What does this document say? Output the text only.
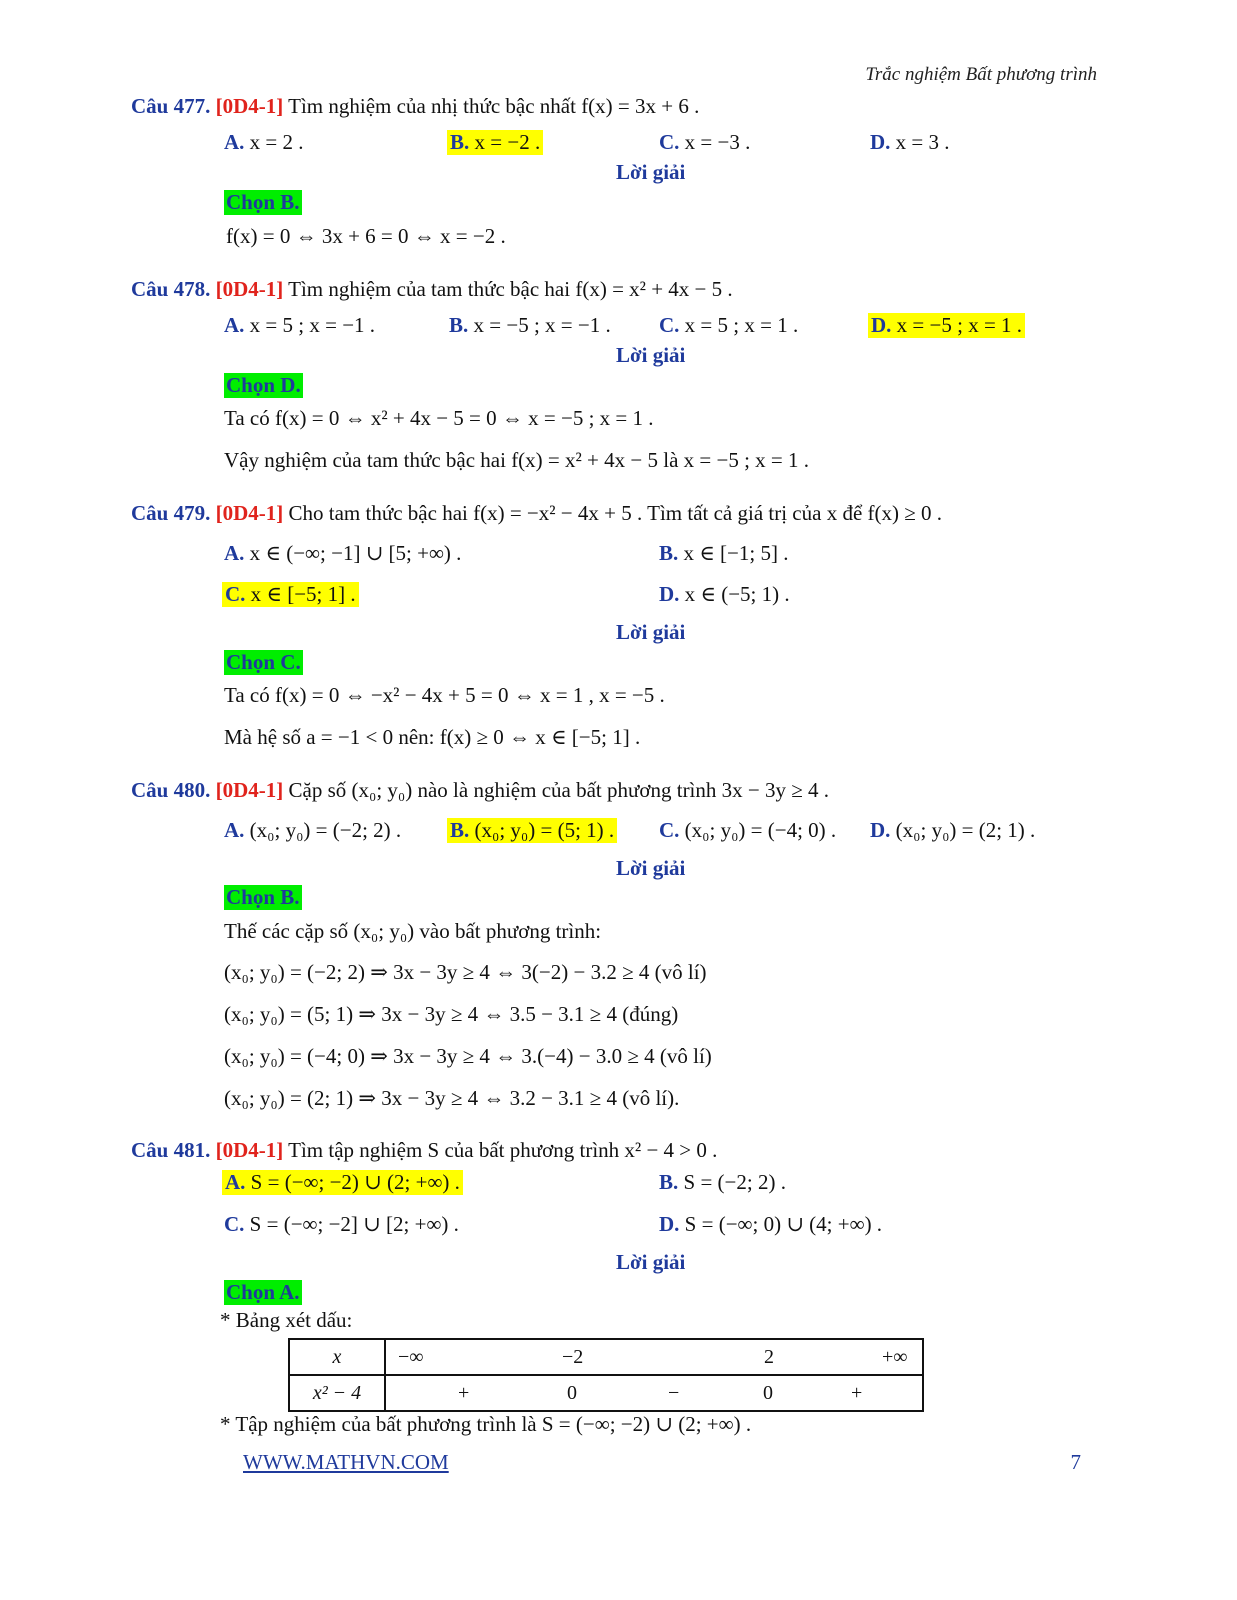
Trắc nghiệm Bất phương trình
Câu 477. [0D4-1] Tìm nghiệm của nhị thức bậc nhất f(x) = 3x + 6 .
A. x = 2 .	B. x = −2 .	C. x = −3 .	D. x = 3 .
Lời giải
Chọn B.
f(x) = 0 ⇔ 3x + 6 = 0 ⇔ x = −2 .
Câu 478. [0D4-1] Tìm nghiệm của tam thức bậc hai f(x) = x² + 4x − 5 .
A. x = 5 ; x = −1 .	B. x = −5 ; x = −1 . C. x = 5 ; x = 1 .	D. x = −5 ; x = 1 .
Lời giải
Chọn D.
Ta có f(x) = 0 ⇔ x² + 4x − 5 = 0 ⇔ x = −5 ; x = 1 .
Vậy nghiệm của tam thức bậc hai f(x) = x² + 4x − 5 là x = −5 ; x = 1 .
Câu 479. [0D4-1] Cho tam thức bậc hai f(x) = −x² − 4x + 5 . Tìm tất cả giá trị của x để f(x) ≥ 0 .
A. x ∈ (−∞; −1] ∪ [5; +∞) .	B. x ∈ [−1; 5] .
C. x ∈ [−5; 1] .	D. x ∈ (−5; 1) .
Lời giải
Chọn C.
Ta có f(x) = 0 ⇔ −x² − 4x + 5 = 0 ⇔ x = 1 , x = −5 .
Mà hệ số a = −1 < 0 nên: f(x) ≥ 0 ⇔ x ∈ [−5; 1] .
Câu 480. [0D4-1] Cặp số (x₀; y₀) nào là nghiệm của bất phương trình 3x − 3y ≥ 4 .
A. (x₀; y₀) = (−2; 2) . B. (x₀; y₀) = (5; 1) . C. (x₀; y₀) = (−4; 0) . D. (x₀; y₀) = (2; 1) .
Lời giải
Chọn B.
Thế các cặp số (x₀; y₀) vào bất phương trình:
(x₀; y₀) = (−2; 2) ⇒ 3x − 3y ≥ 4 ⇔ 3(−2) − 3.2 ≥ 4 (vô lí)
(x₀; y₀) = (5; 1) ⇒ 3x − 3y ≥ 4 ⇔ 3.5 − 3.1 ≥ 4 (đúng)
(x₀; y₀) = (−4; 0) ⇒ 3x − 3y ≥ 4 ⇔ 3.(−4) − 3.0 ≥ 4 (vô lí)
(x₀; y₀) = (2; 1) ⇒ 3x − 3y ≥ 4 ⇔ 3.2 − 3.1 ≥ 4 (vô lí).
Câu 481. [0D4-1] Tìm tập nghiệm S của bất phương trình x² − 4 > 0 .
A. S = (−∞; −2) ∪ (2; +∞) .	B. S = (−2; 2) .
C. S = (−∞; −2] ∪ [2; +∞) .	D. S = (−∞; 0) ∪ (4; +∞) .
Lời giải
Chọn A.
* Bảng xét dấu:
x	−∞ −2 2 +∞

x² − 4	+ 0 − 0 +
* Tập nghiệm của bất phương trình là S = (−∞; −2) ∪ (2; +∞) .
WWW.MATHVN.COM	7
